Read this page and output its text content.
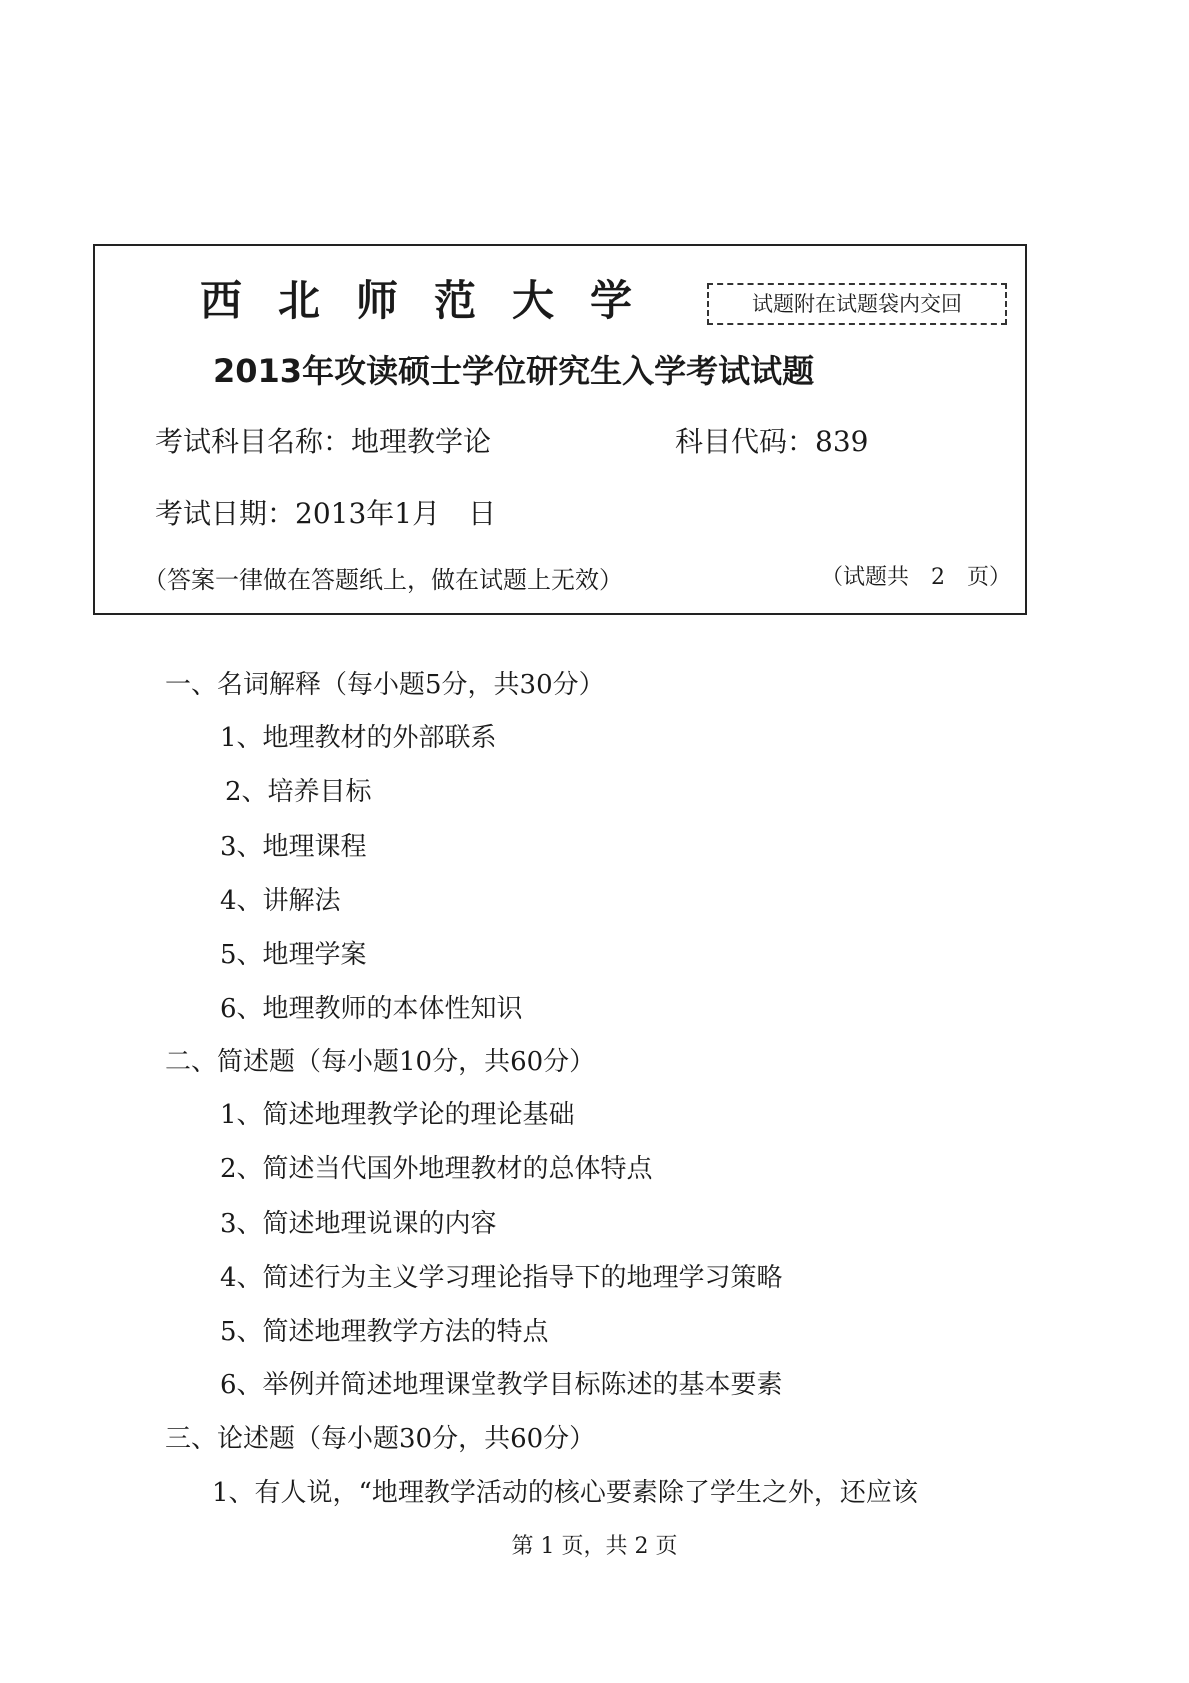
西北师范大学	试题附在试题袋内交回
2013年攻读硕士学位研究生入学考试试题
考试科目名称：地理教学论	科目代码：839
考试日期：2013年1月　日
（答案一律做在答题纸上，做在试题上无效）	（试题共　2　页）
一、名词解释（每小题5分，共30分）
1、地理教材的外部联系
2、培养目标
3、地理课程
4、讲解法
5、地理学案
6、地理教师的本体性知识
二、简述题（每小题10分，共60分）
1、简述地理教学论的理论基础
2、简述当代国外地理教材的总体特点
3、简述地理说课的内容
4、简述行为主义学习理论指导下的地理学习策略
5、简述地理教学方法的特点
6、举例并简述地理课堂教学目标陈述的基本要素
三、论述题（每小题30分，共60分）
1、有人说，“地理教学活动的核心要素除了学生之外，还应该
第 1 页，共 2 页
